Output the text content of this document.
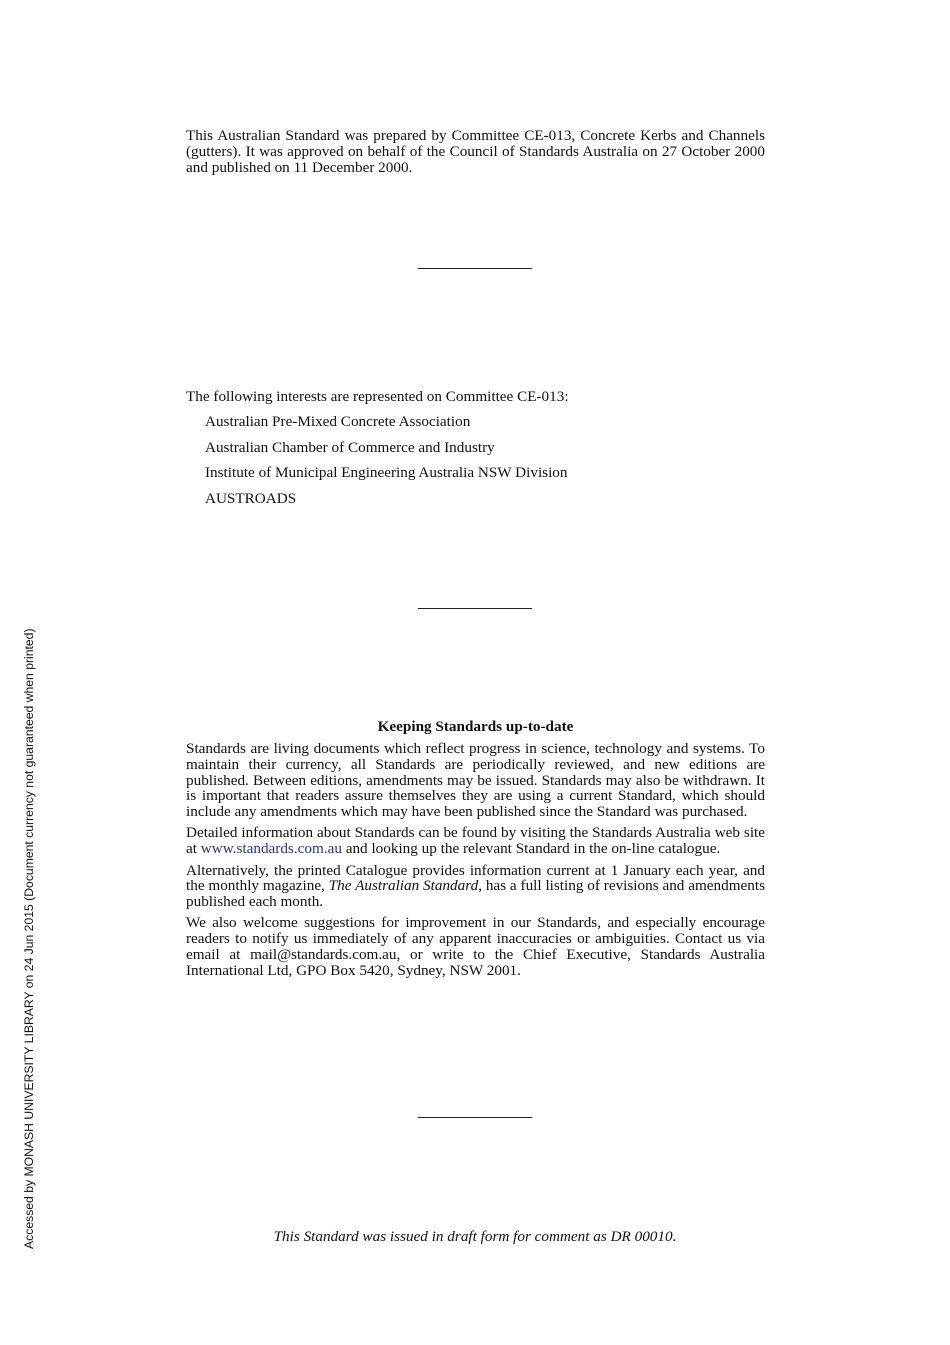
Accessed by MONASH UNIVERSITY LIBRARY on 24 Jun 2015 (Document currency not guaranteed when printed)
This Australian Standard was prepared by Committee CE-013, Concrete Kerbs and Channels (gutters). It was approved on behalf of the Council of Standards Australia on 27 October 2000 and published on 11 December 2000.
The following interests are represented on Committee CE-013:
Australian Pre-Mixed Concrete Association
Australian Chamber of Commerce and Industry
Institute of Municipal Engineering Australia NSW Division
AUSTROADS
Keeping Standards up-to-date

Standards are living documents which reflect progress in science, technology and systems. To maintain their currency, all Standards are periodically reviewed, and new editions are published. Between editions, amendments may be issued. Standards may also be withdrawn. It is important that readers assure themselves they are using a current Standard, which should include any amendments which may have been published since the Standard was purchased.

Detailed information about Standards can be found by visiting the Standards Australia web site at www.standards.com.au and looking up the relevant Standard in the on-line catalogue.

Alternatively, the printed Catalogue provides information current at 1 January each year, and the monthly magazine, The Australian Standard, has a full listing of revisions and amendments published each month.

We also welcome suggestions for improvement in our Standards, and especially encourage readers to notify us immediately of any apparent inaccuracies or ambiguities. Contact us via email at mail@standards.com.au, or write to the Chief Executive, Standards Australia International Ltd, GPO Box 5420, Sydney, NSW 2001.

This Standard was issued in draft form for comment as DR 00010.
